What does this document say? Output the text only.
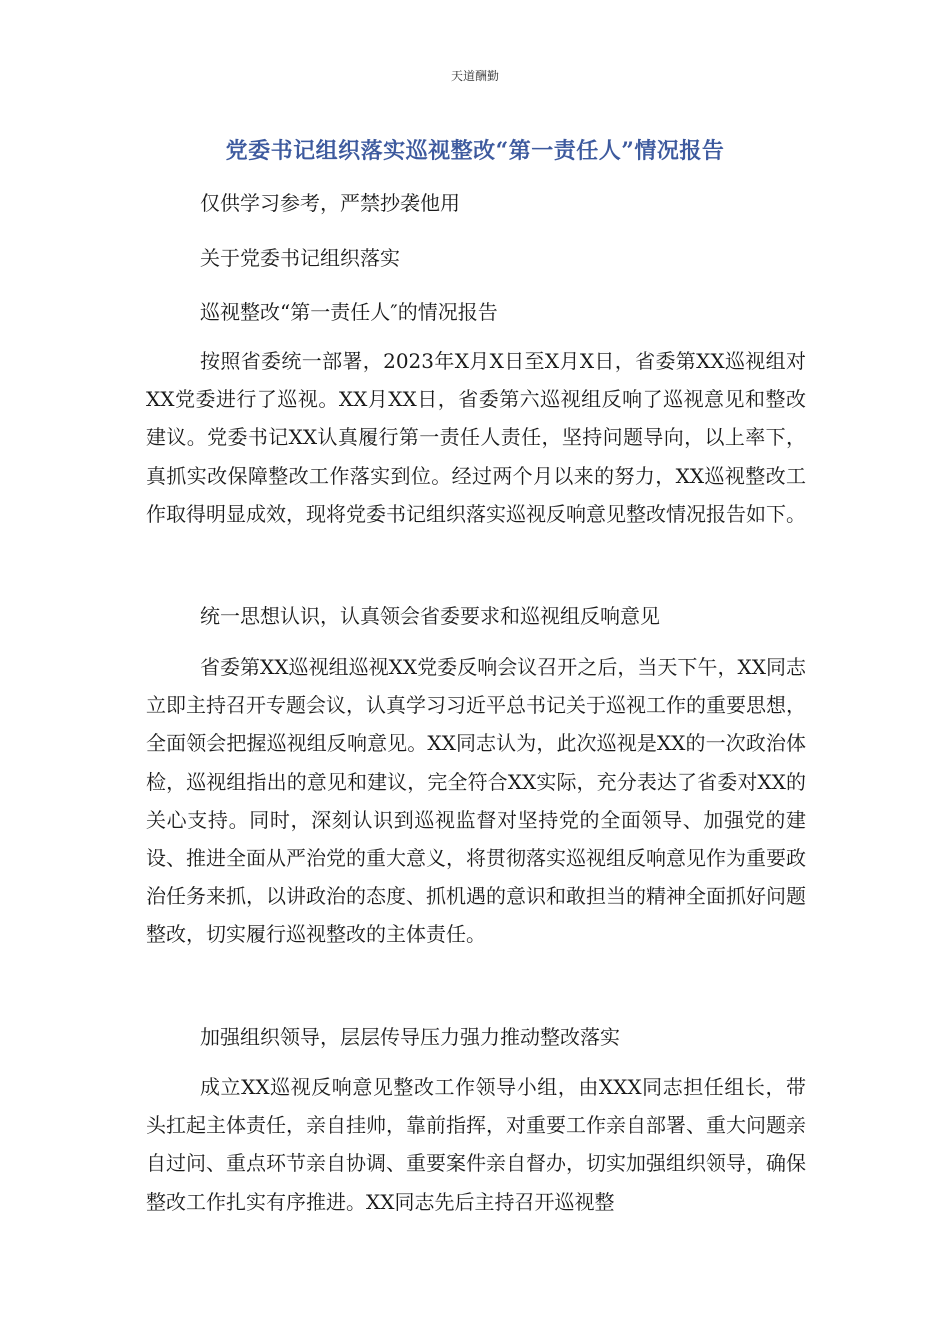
天道酬勤
党委书记组织落实巡视整改“第一责任人”情况报告
仅供学习参考，严禁抄袭他用
关于党委书记组织落实
巡视整改“第一责任人″的情况报告

按照省委统一部署，2023年X月X日至X月X日，省委第XX巡视组对XX党委进行了巡视。XX月XX日，省委第六巡视组反响了巡视意见和整改建议。党委书记XX认真履行第一责任人责任，坚持问题导向，以上率下，真抓实改保障整改工作落实到位。经过两个月以来的努力，XX巡视整改工作取得明显成效，现将党委书记组织落实巡视反响意见整改情况报告如下。

统一思想认识，认真领会省委要求和巡视组反响意见

省委第XX巡视组巡视XX党委反响会议召开之后，当天下午，XX同志立即主持召开专题会议，认真学习习近平总书记关于巡视工作的重要思想，全面领会把握巡视组反响意见。XX同志认为，此次巡视是XX的一次政治体检，巡视组指出的意见和建议，完全符合XX实际，充分表达了省委对XX的关心支持。同时，深刻认识到巡视监督对坚持党的全面领导、加强党的建设、推进全面从严治党的重大意义，将贯彻落实巡视组反响意见作为重要政治任务来抓，以讲政治的态度、抓机遇的意识和敢担当的精神全面抓好问题整改，切实履行巡视整改的主体责任。

加强组织领导，层层传导压力强力推动整改落实

成立XX巡视反响意见整改工作领导小组，由XXX同志担任组长，带头扛起主体责任，亲自挂帅，靠前指挥，对重要工作亲自部署、重大问题亲自过问、重点环节亲自协调、重要案件亲自督办，切实加强组织领导，确保整改工作扎实有序推进。XX同志先后主持召开巡视整
